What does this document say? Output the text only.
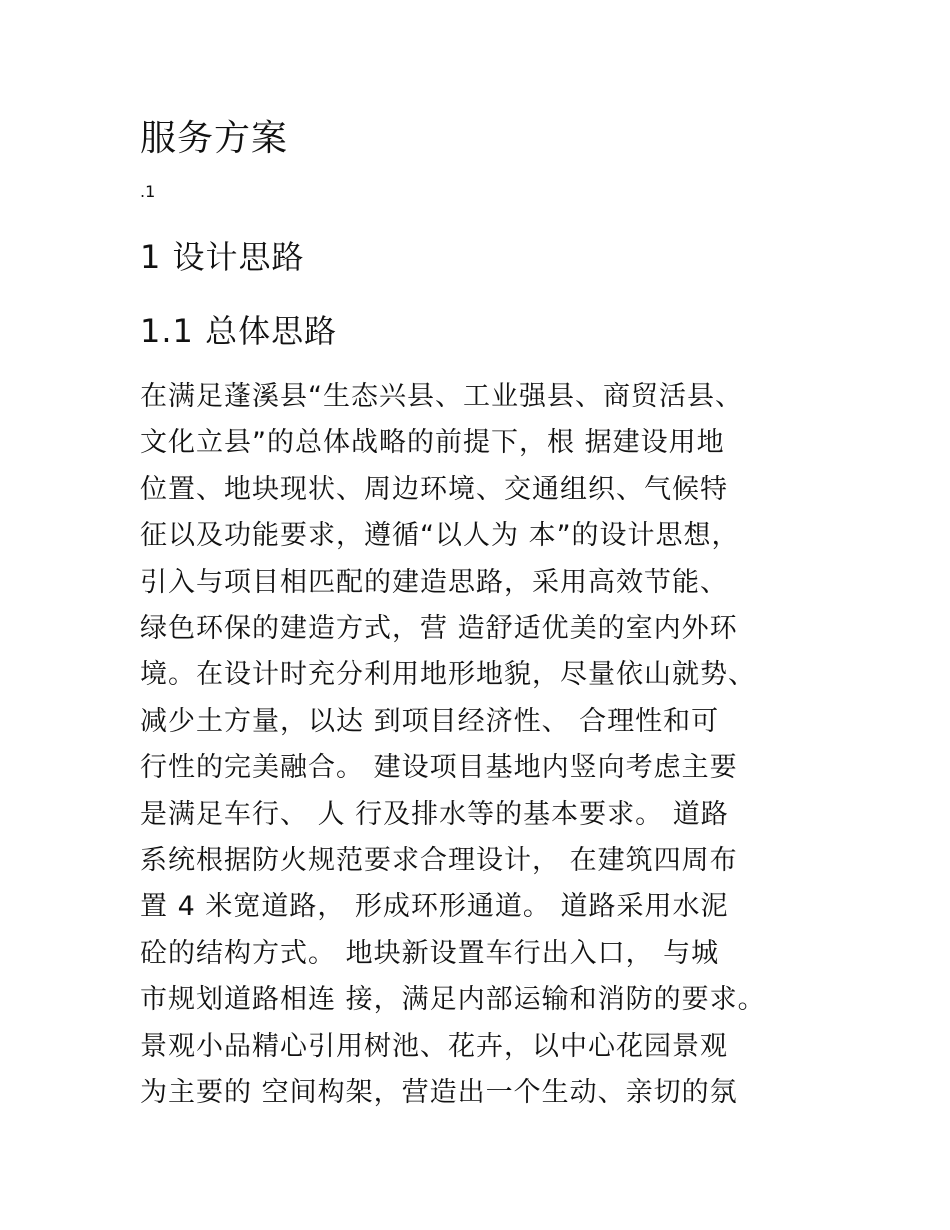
服务方案
.1
1 设计思路
1.1 总体思路

在满足蓬溪县“生态兴县、工业强县、商贸活县、
文化立县”的总体战略的前提下，根 据建设用地
位置、地块现状、周边环境、交通组织、气候特
征以及功能要求，遵循“以人为 本”的设计思想，
引入与项目相匹配的建造思路，采用高效节能、
绿色环保的建造方式，营 造舒适优美的室内外环
境。在设计时充分利用地形地貌，尽量依山就势、
减少土方量，以达 到项目经济性、 合理性和可
行性的完美融合。 建设项目基地内竖向考虑主要
是满足车行、 人 行及排水等的基本要求。 道路
系统根据防火规范要求合理设计， 在建筑四周布
置 4 米宽道路， 形成环形通道。 道路采用水泥
砼的结构方式。 地块新设置车行出入口， 与城
市规划道路相连 接，满足内部运输和消防的要求。
景观小品精心引用树池、花卉，以中心花园景观
为主要的 空间构架，营造出一个生动、亲切的氛
